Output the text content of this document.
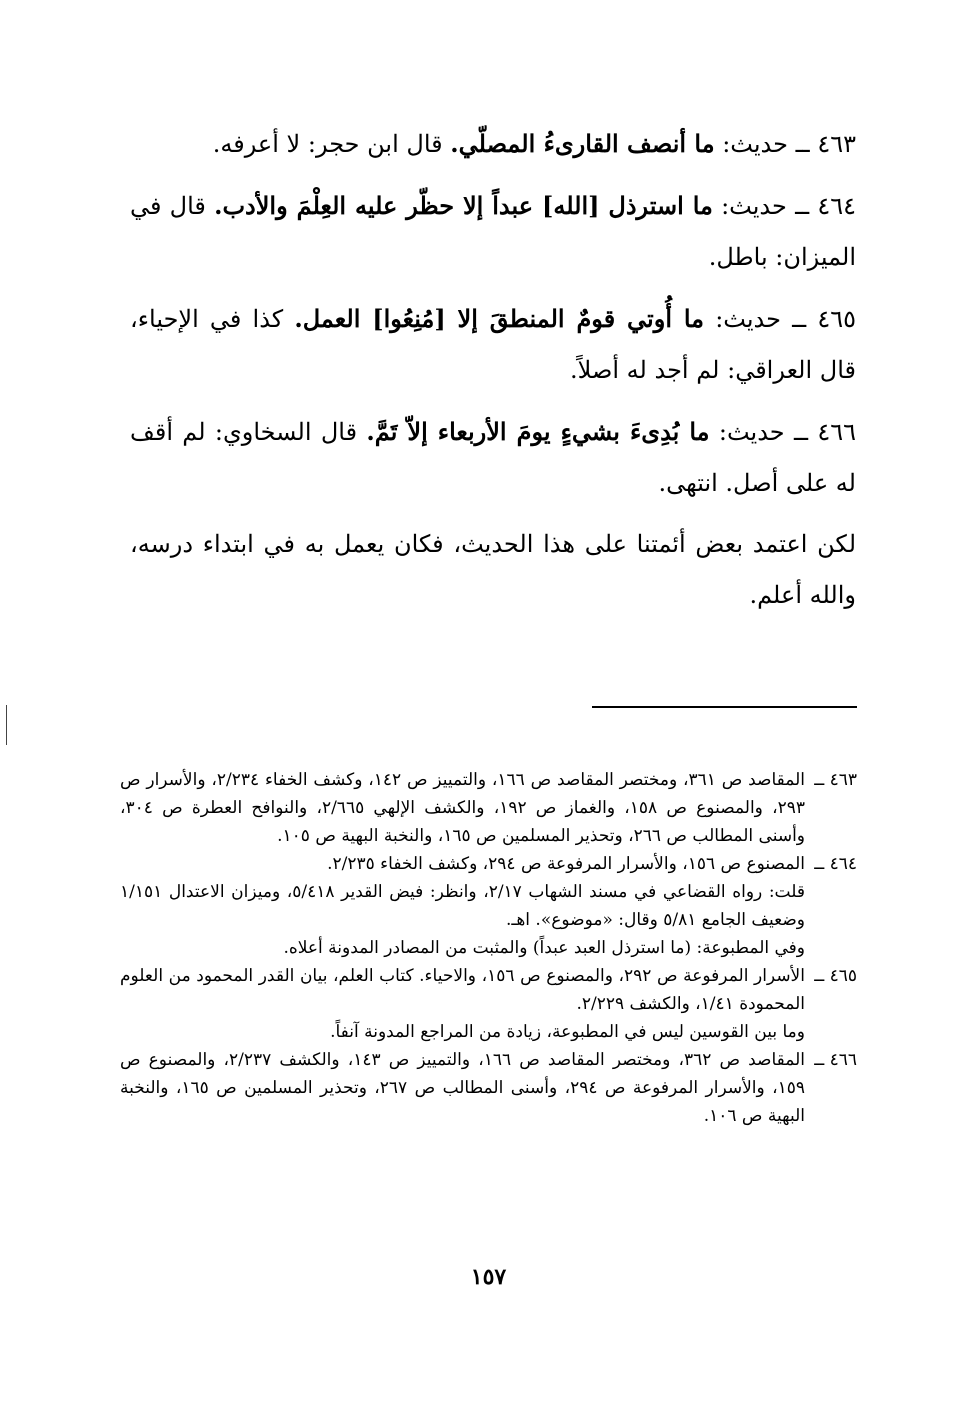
٤٦٣ ــ حديث: ما أنصف القارىءُ المصلّي. قال ابن حجر: لا أعرفه.

٤٦٤ ــ حديث: ما استرذل [الله] عبداً إلا حظّر عليه العِلْمَ والأدب. قال في الميزان: باطل.

٤٦٥ ــ حديث: ما أُوتي قومٌ المنطقَ إلا [مُنِعُوا] العمل. كذا في الإحياء، قال العراقي: لم أجد له أصلاً.

٤٦٦ ــ حديث: ما بُدِىءَ بشيءٍ يومَ الأربعاء إلاّ تَمَّ. قال السخاوي: لم أقف له على أصل. انتهى.

لكن اعتمد بعض أئمتنا على هذا الحديث، فكان يعمل به في ابتداء درسه، والله أعلم.

٤٦٣ ــ
المقاصد ص ٣٦١، ومختصر المقاصد ص ١٦٦، والتمييز ص ١٤٢، وكشف الخفاء ٢/٢٣٤، والأسرار ص ٢٩٣، والمصنوع ص ١٥٨، والغماز ص ١٩٢، والكشف الإلهي ٢/٦٦٥، والنوافح العطرة ص ٣٠٤، وأسنى المطالب ص ٢٦٦، وتحذير المسلمين ص ١٦٥، والنخبة البهية ص ١٠٥.
٤٦٤ ــ
المصنوع ص ١٥٦، والأسرار المرفوعة ص ٢٩٤، وكشف الخفاء ٢/٢٣٥.

قلت: رواه القضاعي في مسند الشهاب ٢/١٧، وانظر: فيض القدير ٥/٤١٨، وميزان الاعتدال ١/١٥١ وضعيف الجامع ٥/٨١ وقال: «موضوع». اهـ.

وفي المطبوعة: (ما استرذل العبد عبداً) والمثبت من المصادر المدونة أعلاه.

٤٦٥ ــ
الأسرار المرفوعة ص ٢٩٢، والمصنوع ص ١٥٦، والاحياء. كتاب العلم، بيان القدر المحمود من العلوم المحمودة ١/٤١، والكشف ٢/٢٢٩.

وما بين القوسين ليس في المطبوعة، زيادة من المراجع المدونة آنفاً.

٤٦٦ ــ
المقاصد ص ٣٦٢، ومختصر المقاصد ص ١٦٦، والتمييز ص ١٤٣، والكشف ٢/٢٣٧، والمصنوع ص ١٥٩، والأسرار المرفوعة ص ٢٩٤، وأسنى المطالب ص ٢٦٧، وتحذير المسلمين ص ١٦٥، والنخبة البهية ص ١٠٦.
١٥٧
